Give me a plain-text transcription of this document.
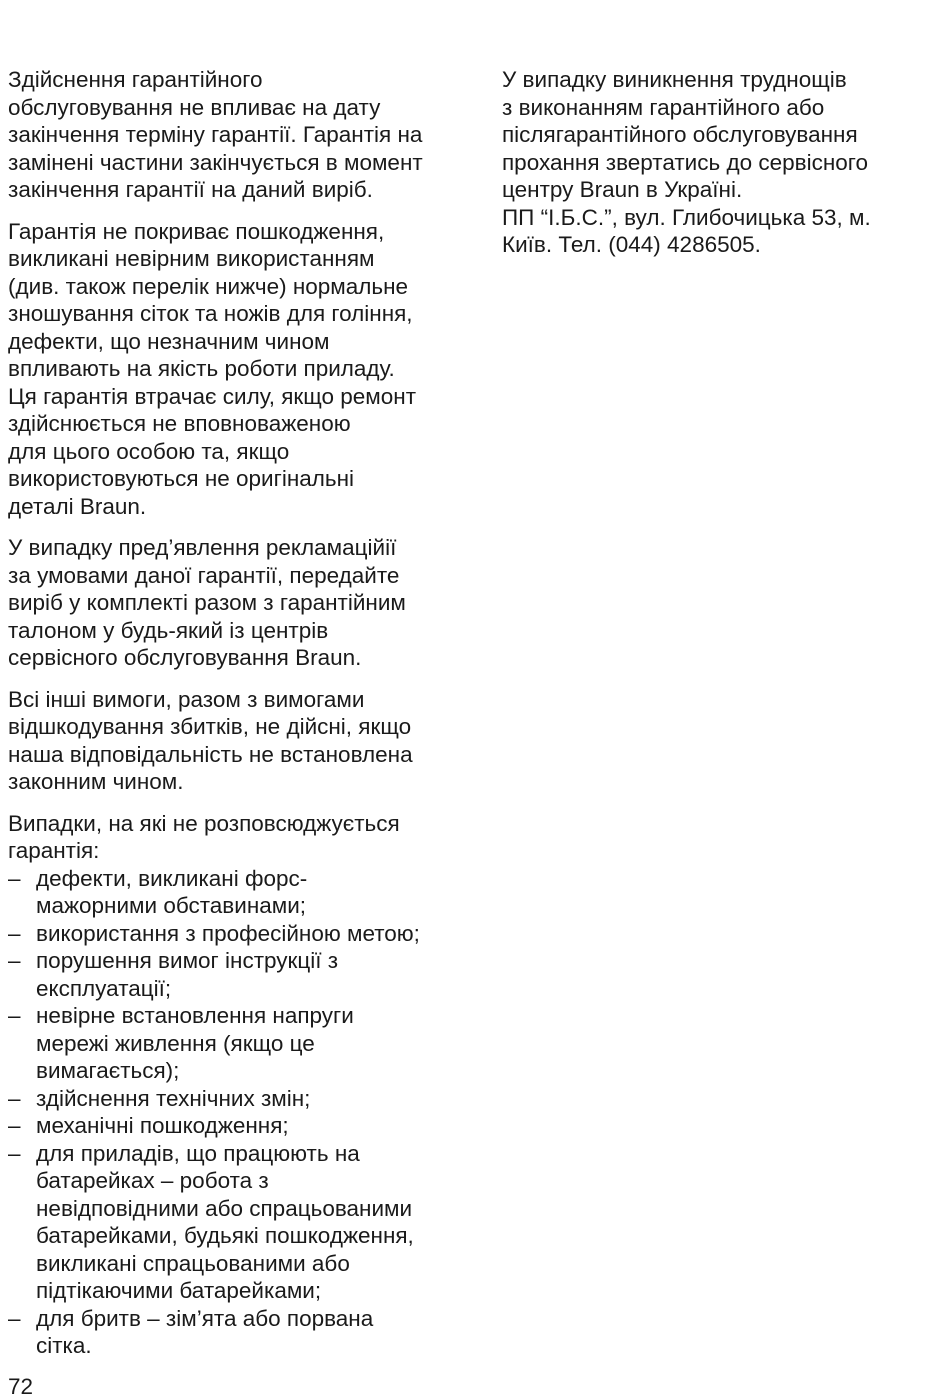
Здійснення гарантійного
обслуговування не впливає на дату
закінчення терміну гарантії. Гарантія на
замінені частини закінчується в момент
закінчення гарантії на даний виріб.

Гарантія не покриває пошкодження,
викликані невірним використанням
(див. також перелік нижче) нормальне
зношування сіток та ножів для гоління,
дефекти, що незначним чином
впливають на якість роботи приладу.
Ця гарантія втрачає силу, якщо ремонт
здійснюється не вповноваженою
для цього особою та, якщо
використовуються не оригінальні
деталі Braun.

У випадку пред’явлення рекламаційії
за умовами даної гарантії, передайте
виріб у комплекті разом з гарантійним
талоном у будь-який із центрів
сервісного обслуговування Braun.

Всі інші вимоги, разом з вимогами
відшкодування збитків, не дійсні, якщо
наша відповідальність не встановлена
законним чином.

Випадки, на які не розповсюджується
гарантія:

– дефекти, викликані форс-
мажорними обставинами;
– використання з професійною метою;
– порушення вимог інструкції з
експлуатації;
– невірне встановлення напруги
мережі живлення (якщо це
вимагається);
– здійснення технічних змін;
– механічні пошкодження;
– для приладів, що працюють на
батарейках – робота з
невідповідними або спрацьованими
батарейками, будьякі пошкодження,
викликані спрацьованими або
підтікаючими батарейками;
– для бритв – зім’ята або порвана
сітка.

У випадку виникнення труднощів
з виконанням гарантійного або
післягарантійного обслуговування
прохання звертатись до сервісного
центру Braun в Україні.
ПП “І.Б.С.”, вул. Глибочицька 53, м.
Київ. Тел. (044) 4286505.

72
